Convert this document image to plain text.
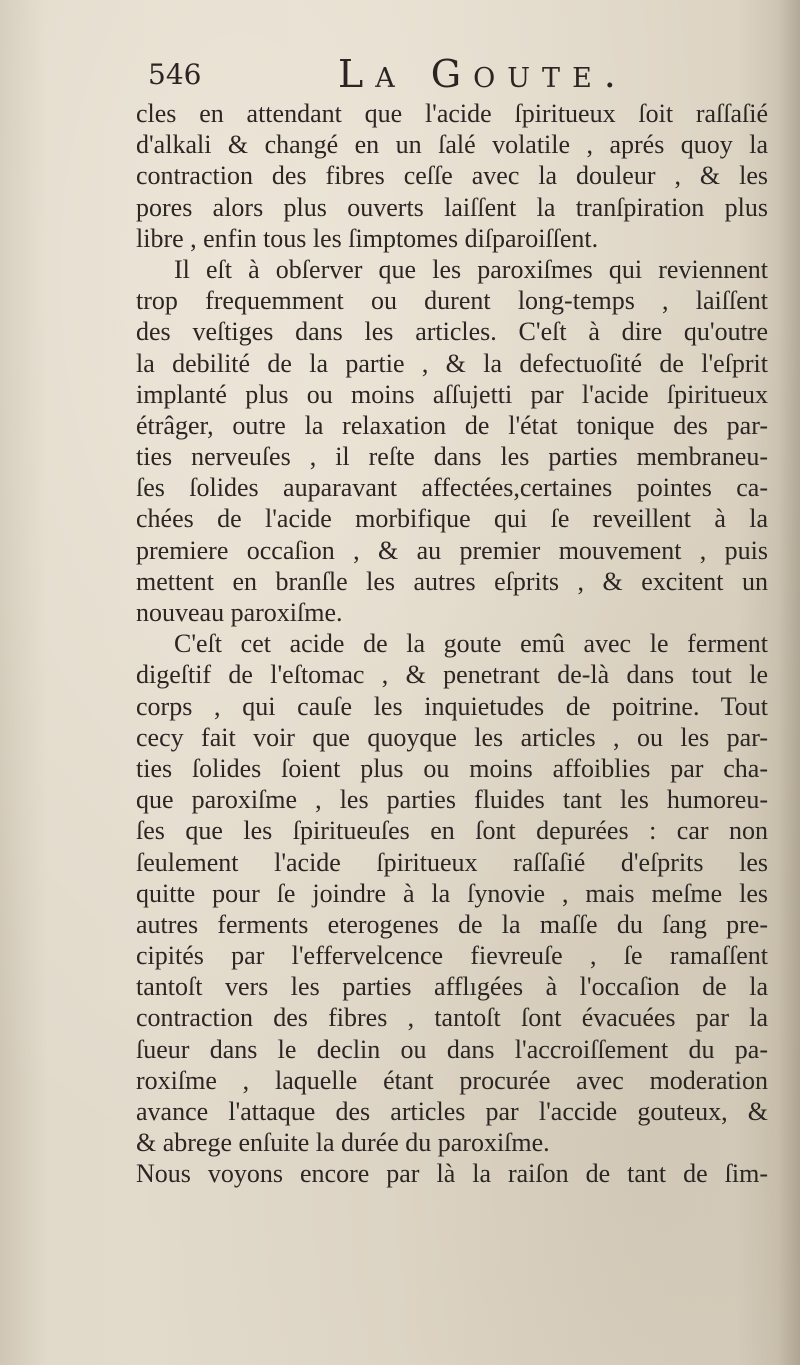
546	La Goute.
cles en attendant que l'acide ſpiritueux ſoit raſſaſié
d'alkali & changé en un ſalé volatile , aprés quoy la
contraction des fibres ceſſe avec la douleur , & les
pores alors plus ouverts laiſſent la tranſpiration plus
libre , enfin tous les ſimptomes diſparoiſſent.
Il eſt à obſerver que les paroxiſmes qui reviennent
trop frequemment ou durent long-temps , laiſſent
des veſtiges dans les articles. C'eſt à dire qu'outre
la debilité de la partie , & la defectuoſité de l'eſprit
implanté plus ou moins aſſujetti par l'acide ſpiritueux
étrâger, outre la relaxation de l'état tonique des par-
ties nerveuſes , il reſte dans les parties membraneu-
ſes ſolides auparavant affectées,certaines pointes ca-
chées de l'acide morbifique qui ſe reveillent à la
premiere occaſion , & au premier mouvement , puis
mettent en branſle les autres eſprits , & excitent un
nouveau paroxiſme.
C'eſt cet acide de la goute emû avec le ferment
digeſtif de l'eſtomac , & penetrant de-là dans tout le
corps , qui cauſe les inquietudes de poitrine. Tout
cecy fait voir que quoyque les articles , ou les par-
ties ſolides ſoient plus ou moins affoiblies par cha-
que paroxiſme , les parties fluides tant les humoreu-
ſes que les ſpiritueuſes en ſont depurées : car non
ſeulement l'acide ſpiritueux raſſaſié d'eſprits les
quitte pour ſe joindre à la ſynovie , mais meſme les
autres ferments eterogenes de la maſſe du ſang pre-
cipités par l'effervelcence fievreuſe , ſe ramaſſent
tantoſt vers les parties afflıgées à l'occaſion de la
contraction des fibres , tantoſt ſont évacuées par la
ſueur dans le declin ou dans l'accroiſſement du pa-
roxiſme , laquelle étant procurée avec moderation
avance l'attaque des articles par l'accide gouteux, &
& abrege enſuite la durée du paroxiſme.
Nous voyons encore par là la raiſon de tant de ſim-
